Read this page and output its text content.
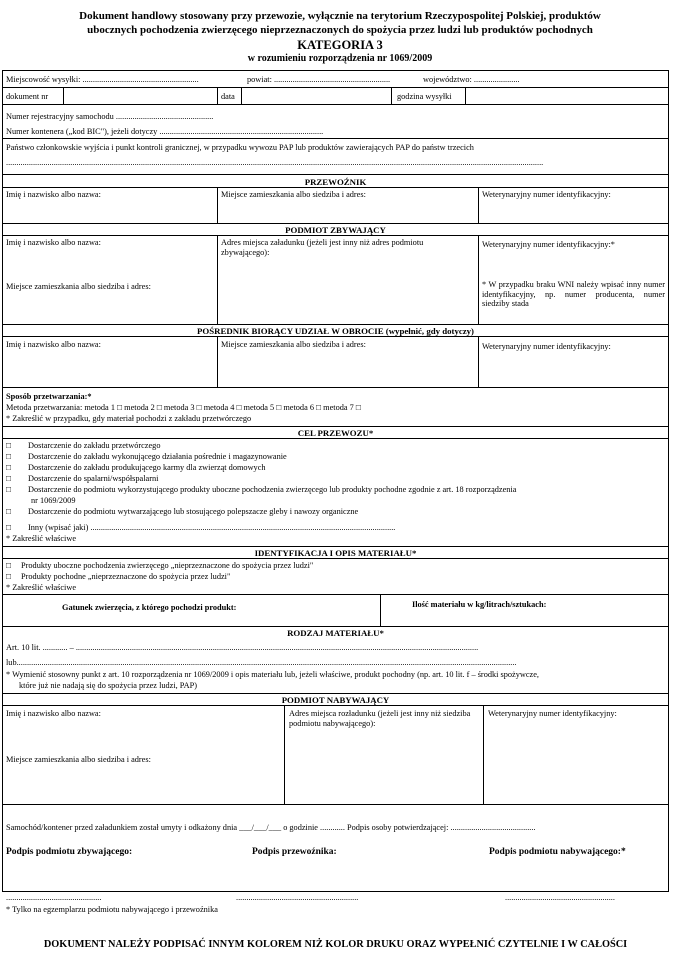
Dokument handlowy stosowany przy przewozie, wyłącznie na terytorium Rzeczypospolitej Polskiej, produktów
ubocznych pochodzenia zwierzęcego nieprzeznaczonych do spożycia przez ludzi lub produktów pochodnych
KATEGORIA 3
w rozumieniu rozporządzenia nr 1069/2009
Miejscowość wysyłki: ........................................................	powiat: ........................................................	województwo: ......................
dokument nr	data	godzina wysyłki
Numer rejestracyjny samochodu ...............................................
Numer kontenera („kod BIC"), jeżeli dotyczy ...............................................................................
Państwo członkowskie wyjścia i punkt kontroli granicznej, w przypadku wywozu PAP lub produktów zawierających PAP do państw trzecich
...................................................................................................................................................................................................................................................................
PRZEWOŹNIK
Imię i nazwisko albo nazwa:	Miejsce zamieszkania albo siedziba i adres:	Weterynaryjny numer identyfikacyjny:
PODMIOT ZBYWAJĄCY
Imię i nazwisko albo nazwa:
Miejsce zamieszkania albo siedziba i adres:
Adres miejsca załadunku (jeżeli jest inny niż adres podmiotu zbywającego):
Weterynaryjny numer identyfikacyjny:*
* W przypadku braku WNI należy wpisać inny numer identyfikacyjny, np. numer producenta, numer siedziby stada
POŚREDNIK BIORĄCY UDZIAŁ W OBROCIE (wypełnić, gdy dotyczy)
Imię i nazwisko albo nazwa:	Miejsce zamieszkania albo siedziba i adres:	Weterynaryjny numer identyfikacyjny:
Sposób przetwarzania:*
Metoda przetwarzania: metoda 1 □ metoda 2 □ metoda 3 □ metoda 4 □ metoda 5 □ metoda 6 □ metoda 7 □
* Zakreślić w przypadku, gdy materiał pochodzi z zakładu przetwórczego
CEL PRZEWOZU*
□ Dostarczenie do zakładu przetwórczego
□ Dostarczenie do zakładu wykonującego działania pośrednie i magazynowanie
□ Dostarczenie do zakładu produkującego karmy dla zwierząt domowych
□ Dostarczenie do spalarni/współspalarni
□ Dostarczenie do podmiotu wykorzystującego produkty uboczne pochodzenia zwierzęcego lub produkty pochodne zgodnie z art. 18 rozporządzenia
nr 1069/2009
□ Dostarczenie do podmiotu wytwarzającego lub stosującego polepszacze gleby i nawozy organiczne
□ Inny (wpisać jaki) ...................................................................................................................................................
* Zakreślić właściwe
IDENTYFIKACJA I OPIS MATERIAŁU*
□ Produkty uboczne pochodzenia zwierzęcego „nieprzeznaczone do spożycia przez ludzi"
□ Produkty pochodne „nieprzeznaczone do spożycia przez ludzi"
* Zakreślić właściwe
Gatunek zwierzęcia, z którego pochodzi produkt:	Ilość materiału w kg/litrach/sztukach:
RODZAJ MATERIAŁU*
Art. 10 lit. ............ – ..................................................................................................................................................................................................
lub.................................................................................................................................................................................................................................................
* Wymienić stosowny punkt z art. 10 rozporządzenia nr 1069/2009 i opis materiału lub, jeżeli właściwe, produkt pochodny (np. art. 10 lit. f – środki spożywcze,
które już nie nadają się do spożycia przez ludzi, PAP)
PODMIOT NABYWAJĄCY
Imię i nazwisko albo nazwa:
Miejsce zamieszkania albo siedziba i adres:
Adres miejsca rozładunku (jeżeli jest inny niż siedziba podmiotu nabywającego):
Weterynaryjny numer identyfikacyjny:
Samochód/kontener przed załadunkiem został umyty i odkażony dnia ___/___/___ o godzinie ............ Podpis osoby potwierdzającej: .........................................
Podpis podmiotu zbywającego:	Podpis przewoźnika:	Podpis podmiotu nabywającego:*
..............................................	...........................................................	.....................................................
* Tylko na egzemplarzu podmiotu nabywającego i przewoźnika
DOKUMENT NALEŻY PODPISAĆ INNYM KOLOREM NIŻ KOLOR DRUKU ORAZ WYPEŁNIĆ CZYTELNIE I W CAŁOŚCI
